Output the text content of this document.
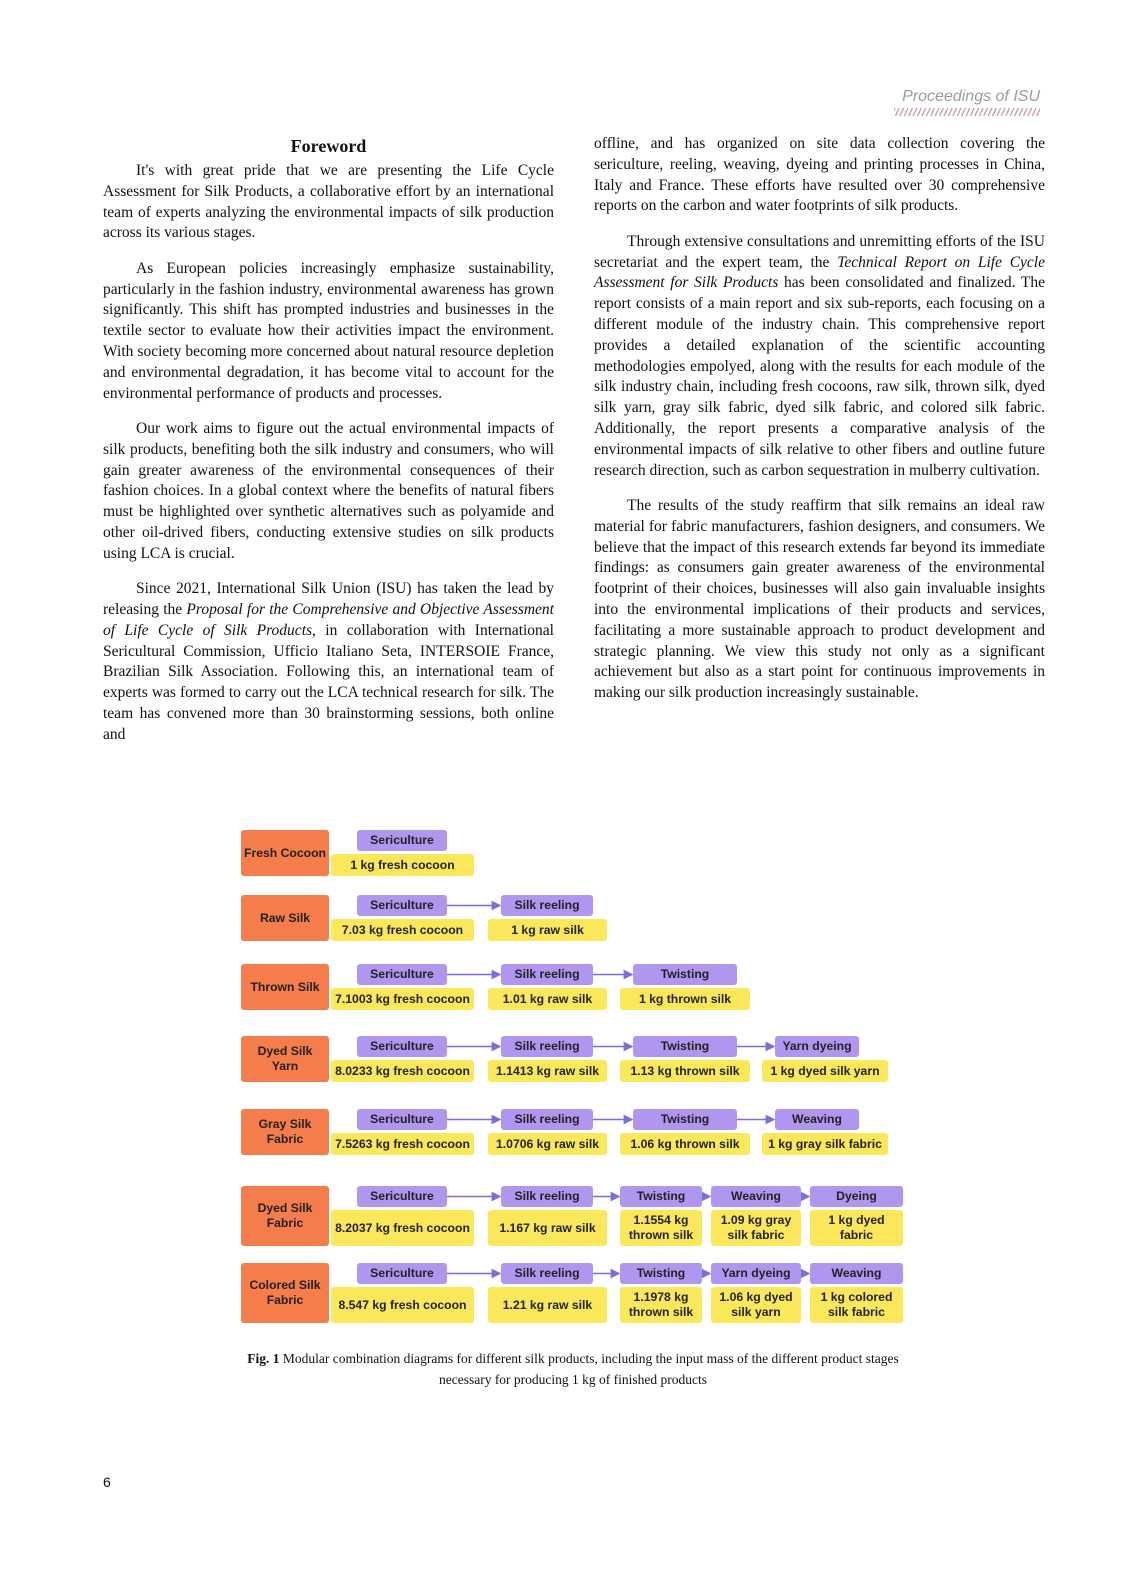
Proceedings of ISU
Foreword

It's with great pride that we are presenting the Life Cycle Assessment for Silk Products, a collaborative effort by an international team of experts analyzing the environmental impacts of silk production across its various stages.

As European policies increasingly emphasize sustainability, particularly in the fashion industry, environmental awareness has grown significantly. This shift has prompted industries and businesses in the textile sector to evaluate how their activities impact the environment. With society becoming more concerned about natural resource depletion and environmental degradation, it has become vital to account for the environmental performance of products and processes.

Our work aims to figure out the actual environmental impacts of silk products, benefiting both the silk industry and consumers, who will gain greater awareness of the environmental consequences of their fashion choices. In a global context where the benefits of natural fibers must be highlighted over synthetic alternatives such as polyamide and other oil-drived fibers, conducting extensive studies on silk products using LCA is crucial.

Since 2021, International Silk Union (ISU) has taken the lead by releasing the Proposal for the Comprehensive and Objective Assessment of Life Cycle of Silk Products, in collaboration with International Sericultural Commission, Ufficio Italiano Seta, INTERSOIE France, Brazilian Silk Association. Following this, an international team of experts was formed to carry out the LCA technical research for silk. The team has convened more than 30 brainstorming sessions, both online and

offline, and has organized on site data collection covering the sericulture, reeling, weaving, dyeing and printing processes in China, Italy and France. These efforts have resulted over 30 comprehensive reports on the carbon and water footprints of silk products.

Through extensive consultations and unremitting efforts of the ISU secretariat and the expert team, the Technical Report on Life Cycle Assessment for Silk Products has been consolidated and finalized. The report consists of a main report and six sub-reports, each focusing on a different module of the industry chain. This comprehensive report provides a detailed explanation of the scientific accounting methodologies empolyed, along with the results for each module of the silk industry chain, including fresh cocoons, raw silk, thrown silk, dyed silk yarn, gray silk fabric, dyed silk fabric, and colored silk fabric. Additionally, the report presents a comparative analysis of the environmental impacts of silk relative to other fibers and outline future research direction, such as carbon sequestration in mulberry cultivation.

The results of the study reaffirm that silk remains an ideal raw material for fabric manufacturers, fashion designers, and consumers. We believe that the impact of this research extends far beyond its immediate findings: as consumers gain greater awareness of the environmental footprint of their choices, businesses will also gain invaluable insights into the environmental implications of their products and services, facilitating a more sustainable approach to product development and strategic planning. We view this study not only as a significant achievement but also as a start point for continuous improvements in making our silk production increasingly sustainable.

Fresh Cocoon
Sericulture
1 kg fresh cocoon
Raw Silk
Sericulture
7.03 kg fresh cocoon
Silk reeling
1 kg raw silk
Thrown Silk
Sericulture
7.1003 kg fresh cocoon
Silk reeling
1.01 kg raw silk
Twisting
1 kg thrown silk
Dyed Silk
Yarn
Sericulture
8.0233 kg fresh cocoon
Silk reeling
1.1413 kg raw silk
Twisting
1.13 kg thrown silk
Yarn dyeing
1 kg dyed silk yarn
Gray Silk
Fabric
Sericulture
7.5263 kg fresh cocoon
Silk reeling
1.0706 kg raw silk
Twisting
1.06 kg thrown silk
Weaving
1 kg gray silk fabric
Dyed Silk
Fabric
Sericulture
8.2037 kg fresh cocoon
Silk reeling
1.167 kg raw silk
Twisting
1.1554 kg
thrown silk
Weaving
1.09 kg gray
silk fabric
Dyeing
1 kg dyed
fabric
Colored Silk
Fabric
Sericulture
8.547 kg fresh cocoon
Silk reeling
1.21 kg raw silk
Twisting
1.1978 kg
thrown silk
Yarn dyeing
1.06 kg dyed
silk yarn
Weaving
1 kg colored
silk fabric
Fig. 1 Modular combination diagrams for different silk products, including the input mass of the different product stages necessary for producing 1 kg of finished products
6
